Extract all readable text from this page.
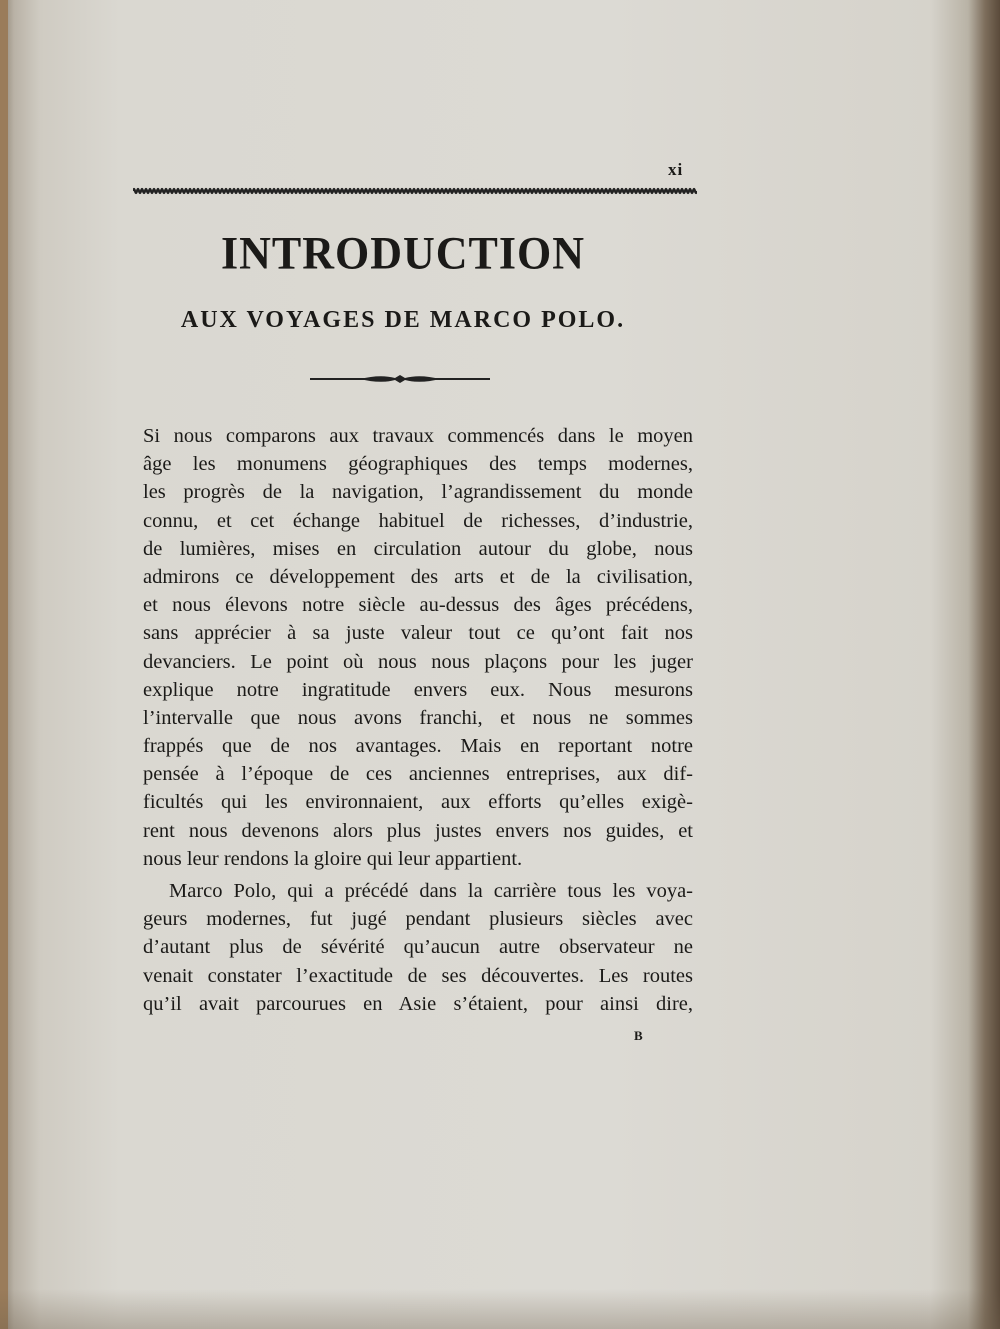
xi
INTRODUCTION
AUX VOYAGES DE MARCO POLO.
Si nous comparons aux travaux commencés dans le moyen
âge les monumens géographiques des temps modernes,
les progrès de la navigation, l’agrandissement du monde
connu, et cet échange habituel de richesses, d’industrie,
de lumières, mises en circulation autour du globe, nous
admirons ce développement des arts et de la civilisation,
et nous élevons notre siècle au-dessus des âges précédens,
sans apprécier à sa juste valeur tout ce qu’ont fait nos
devanciers. Le point où nous nous plaçons pour les juger
explique notre ingratitude envers eux. Nous mesurons
l’intervalle que nous avons franchi, et nous ne sommes
frappés que de nos avantages. Mais en reportant notre
pensée à l’époque de ces anciennes entreprises, aux dif-
ficultés qui les environnaient, aux efforts qu’elles exigè-
rent nous devenons alors plus justes envers nos guides, et
nous leur rendons la gloire qui leur appartient.
Marco Polo, qui a précédé dans la carrière tous les voya-
geurs modernes, fut jugé pendant plusieurs siècles avec
d’autant plus de sévérité qu’aucun autre observateur ne
venait constater l’exactitude de ses découvertes. Les routes
qu’il avait parcourues en Asie s’étaient, pour ainsi dire,
B
